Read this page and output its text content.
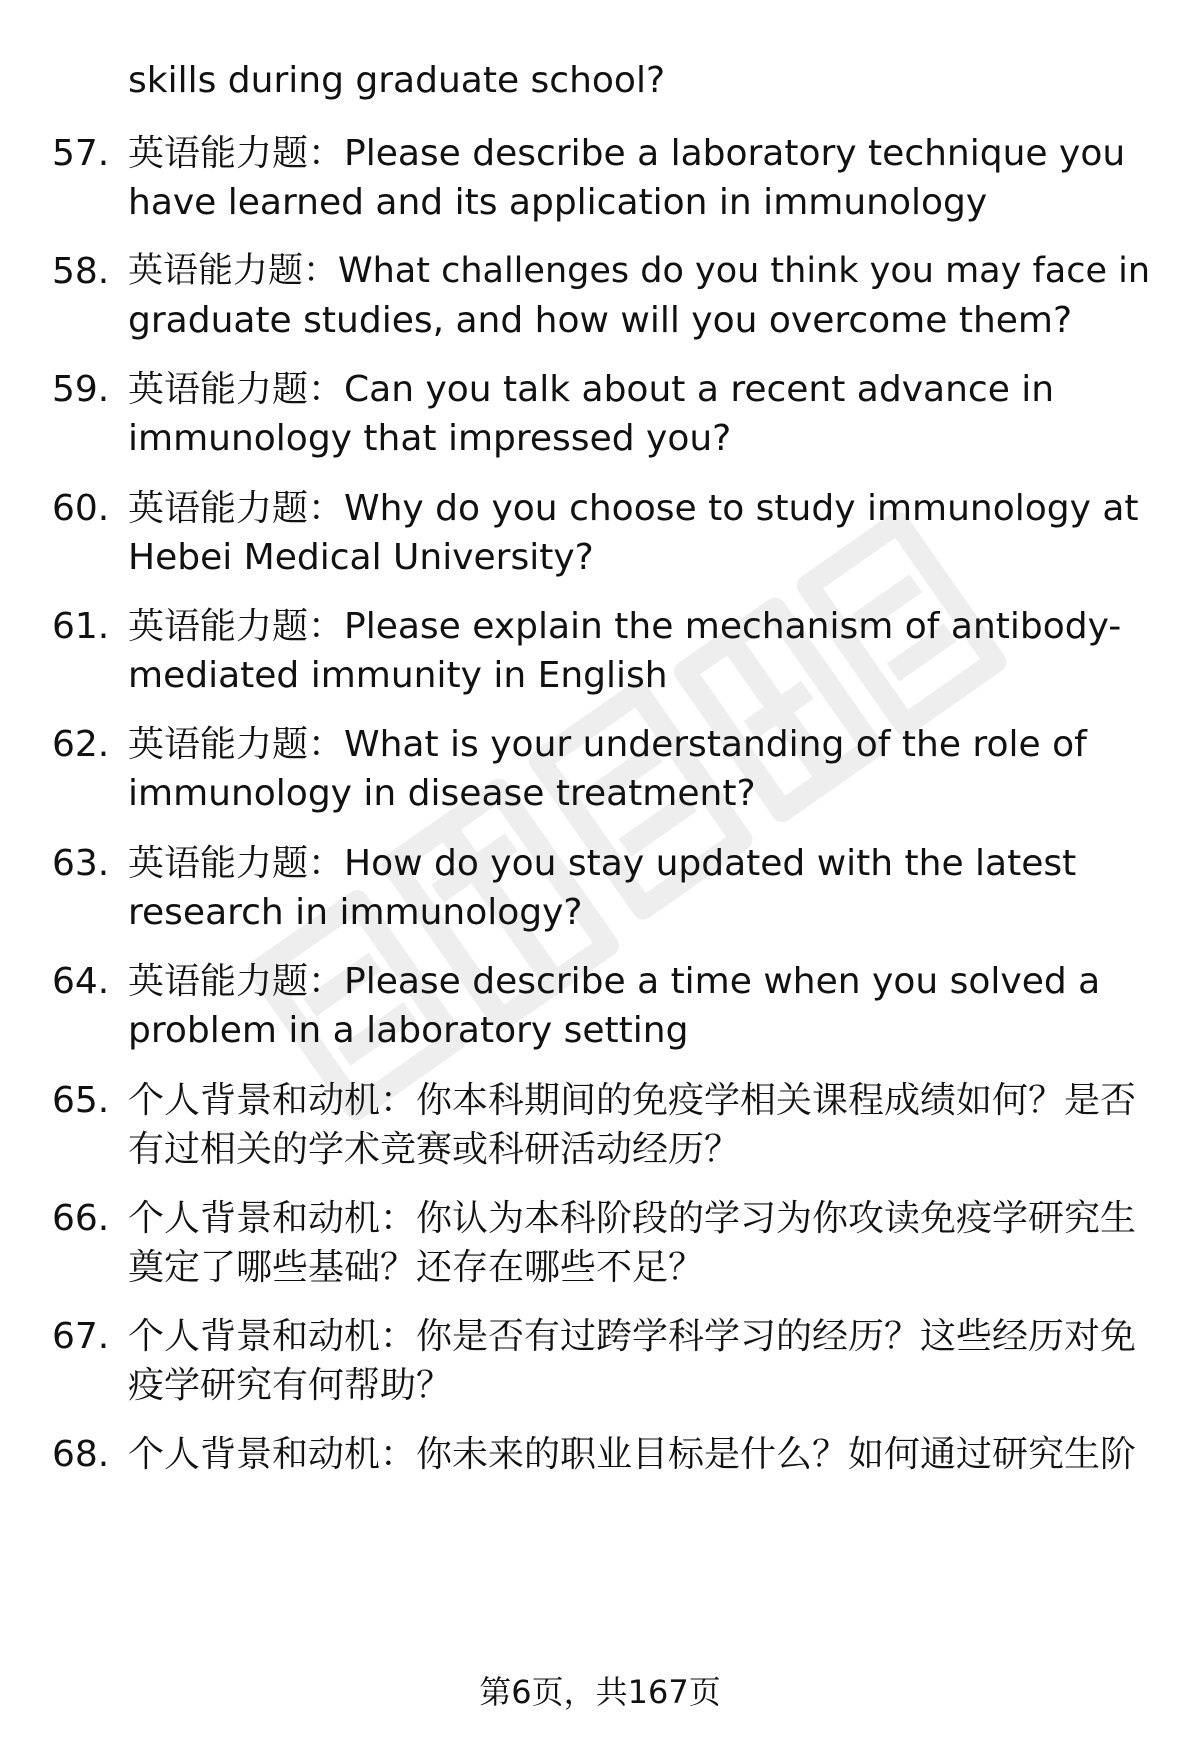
skills during graduate school?
57. 英语能力题：Please describe a laboratory technique you
have learned and its application in immunology
58. 英语能力题：What challenges do you think you may face in
graduate studies, and how will you overcome them?
59. 英语能力题：Can you talk about a recent advance in
immunology that impressed you?
60. 英语能力题：Why do you choose to study immunology at
Hebei Medical University?
61. 英语能力题：Please explain the mechanism of antibody-
mediated immunity in English
62. 英语能力题：What is your understanding of the role of
immunology in disease treatment?
63. 英语能力题：How do you stay updated with the latest
research in immunology?
64. 英语能力题：Please describe a time when you solved a
problem in a laboratory setting
65. 个人背景和动机：你本科期间的免疫学相关课程成绩如何？是否
有过相关的学术竞赛或科研活动经历？
66. 个人背景和动机：你认为本科阶段的学习为你攻读免疫学研究生
奠定了哪些基础？还存在哪些不足？
67. 个人背景和动机：你是否有过跨学科学习的经历？这些经历对免
疫学研究有何帮助？
68. 个人背景和动机：你未来的职业目标是什么？如何通过研究生阶
第6页，共167页
